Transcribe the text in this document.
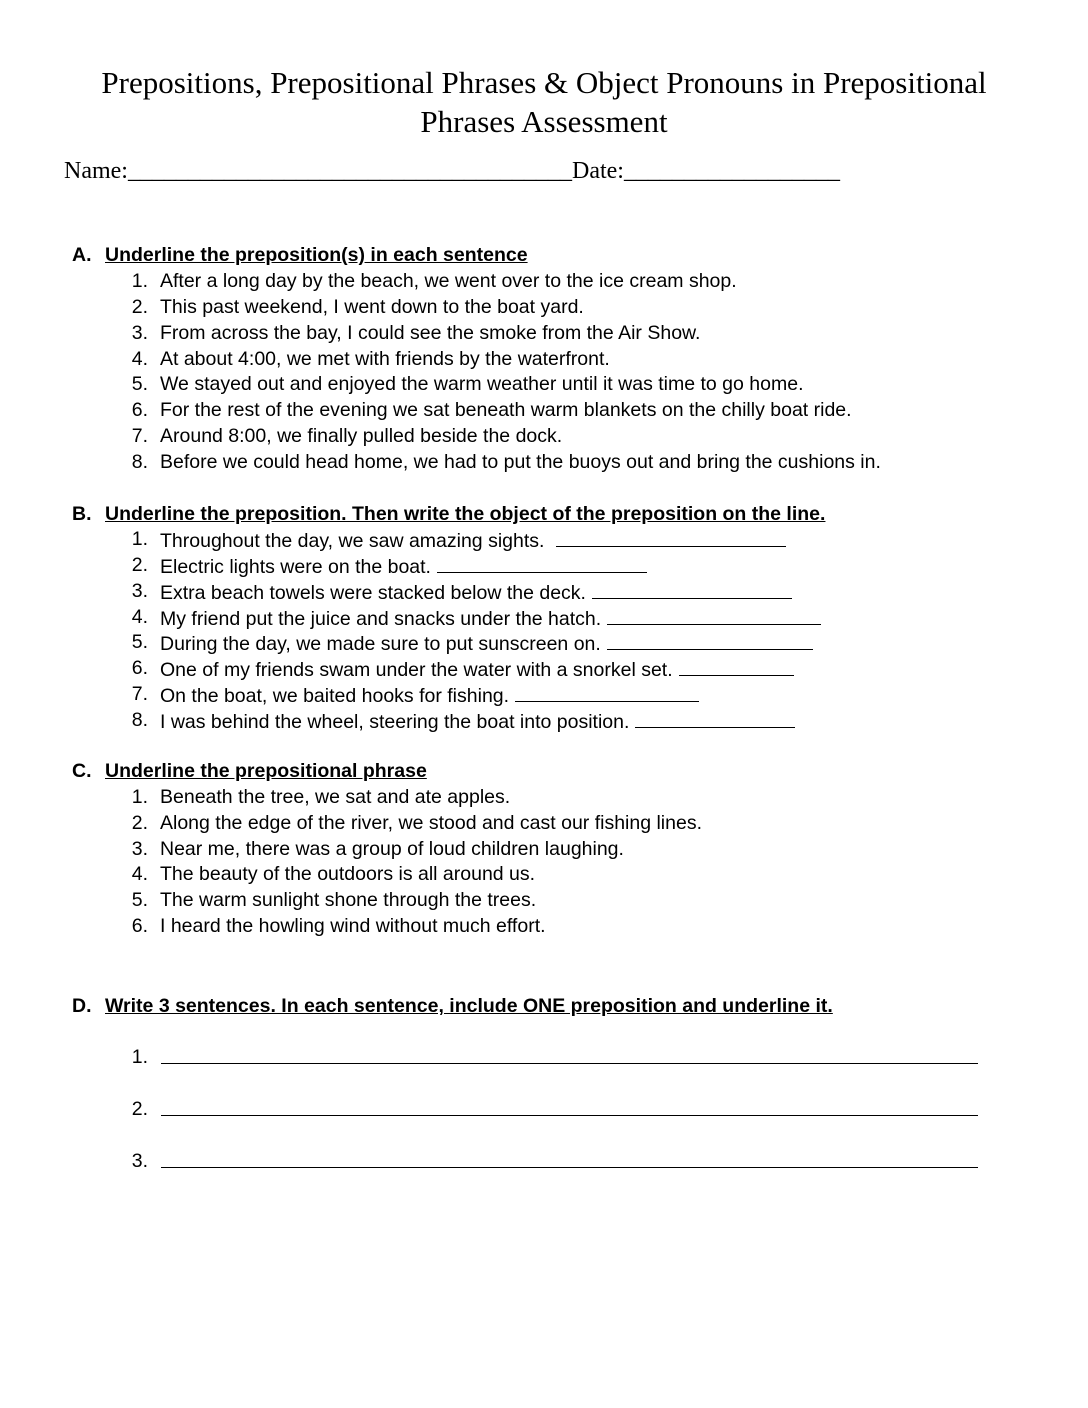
Prepositions, Prepositional Phrases & Object Pronouns in Prepositional
Phrases Assessment
Name:_____________________________________Date:__________________
A. Underline the preposition(s) in each sentence
1. After a long day by the beach, we went over to the ice cream shop.
2. This past weekend, I went down to the boat yard.
3. From across the bay, I could see the smoke from the Air Show.
4. At about 4:00, we met with friends by the waterfront.
5. We stayed out and enjoyed the warm weather until it was time to go home.
6. For the rest of the evening we sat beneath warm blankets on the chilly boat ride.
7. Around 8:00, we finally pulled beside the dock.
8. Before we could head home, we had to put the buoys out and bring the cushions in.
B. Underline the preposition. Then write the object of the preposition on the line.
1. Throughout the day, we saw amazing sights.
2. Electric lights were on the boat.
3. Extra beach towels were stacked below the deck.
4. My friend put the juice and snacks under the hatch.
5. During the day, we made sure to put sunscreen on.
6. One of my friends swam under the water with a snorkel set.
7. On the boat, we baited hooks for fishing.
8. I was behind the wheel, steering the boat into position.
C. Underline the prepositional phrase
1. Beneath the tree, we sat and ate apples.
2. Along the edge of the river, we stood and cast our fishing lines.
3. Near me, there was a group of loud children laughing.
4. The beauty of the outdoors is all around us.
5. The warm sunlight shone through the trees.
6. I heard the howling wind without much effort.
D. Write 3 sentences. In each sentence, include ONE preposition and underline it.
1.
2.
3.
